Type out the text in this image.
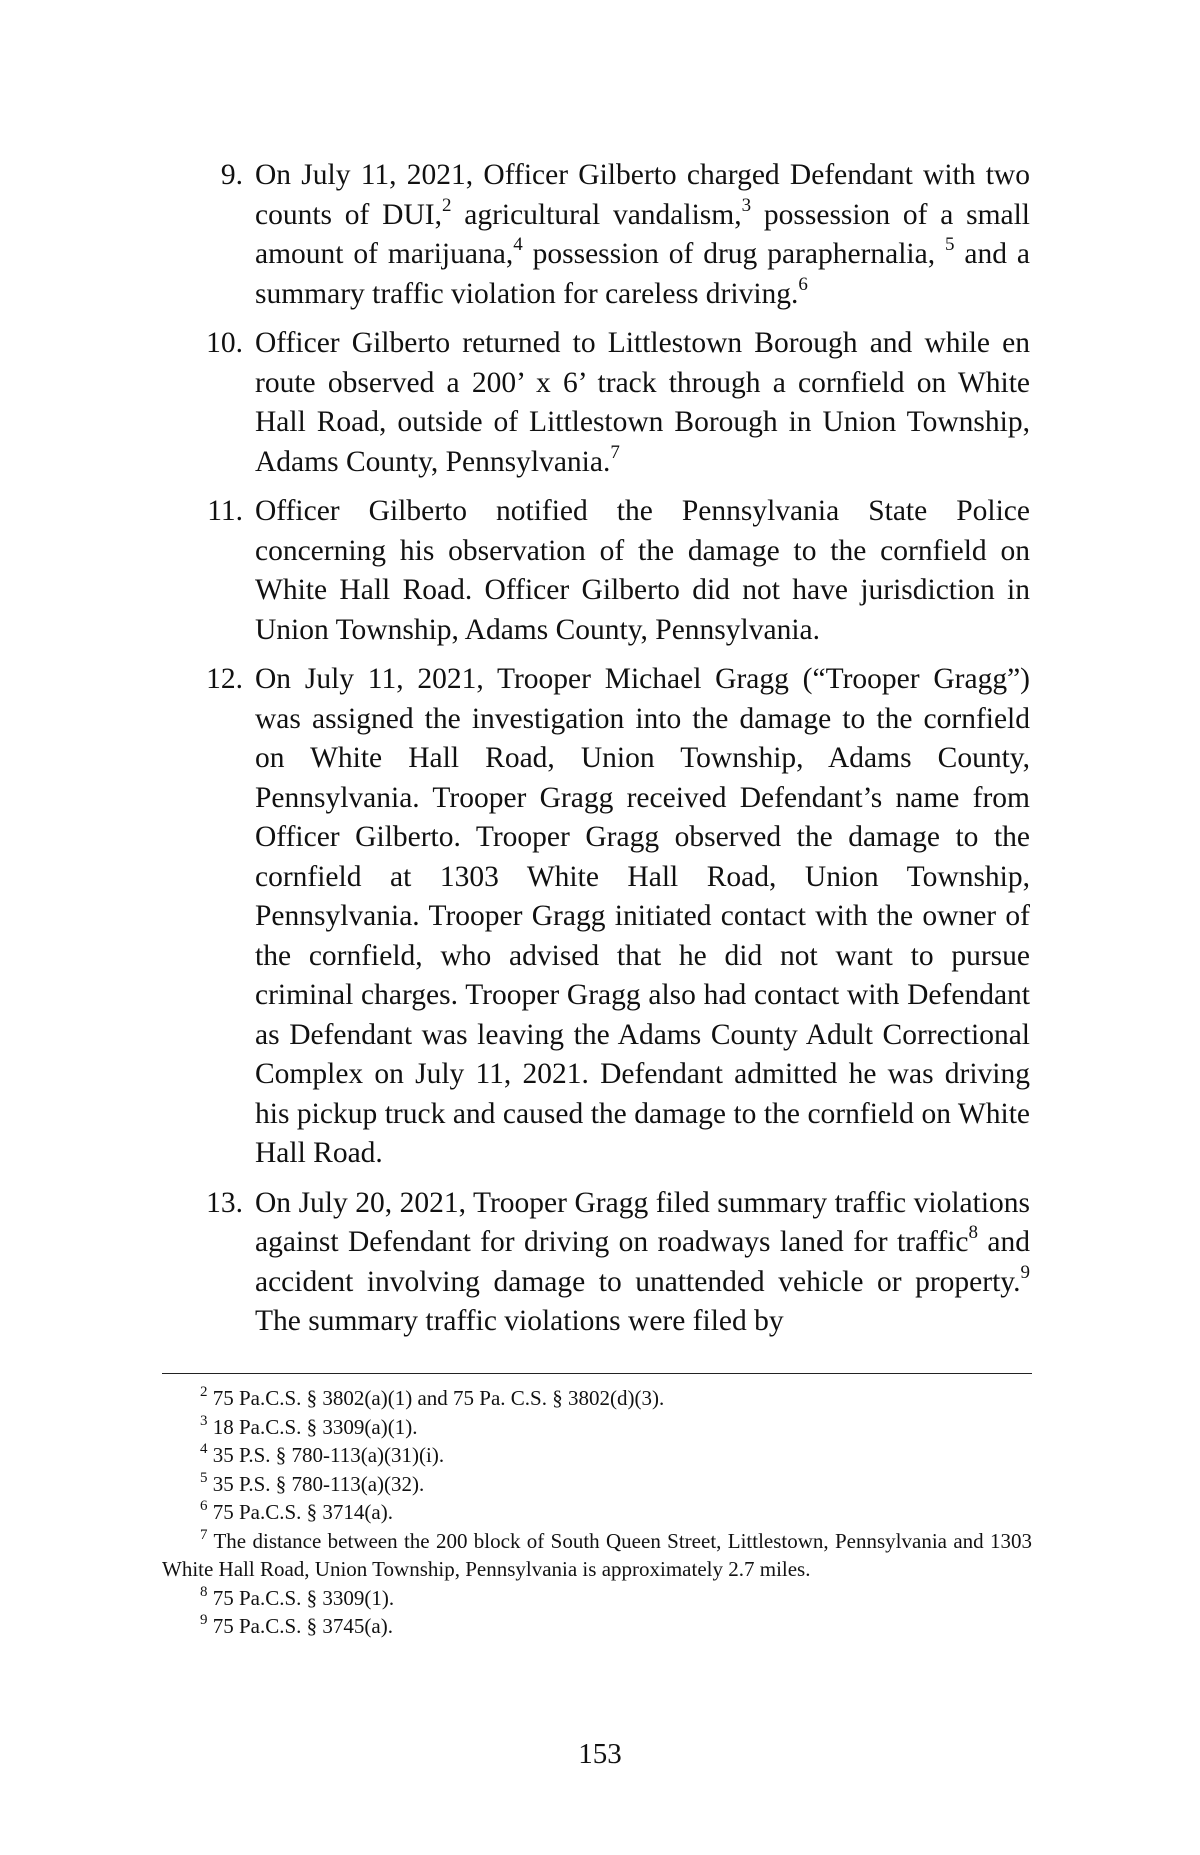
9. On July 11, 2021, Officer Gilberto charged Defendant with two counts of DUI,$^2$ agricultural vandalism,$^3$ possession of a small amount of marijuana,$^4$ possession of drug paraphernalia, $^5$ and a summary traffic violation for careless driving.$^6$

10. Officer Gilberto returned to Littlestown Borough and while en route observed a 200’ x 6’ track through a cornfield on White Hall Road, outside of Littlestown Borough in Union Township, Adams County, Pennsylvania.$^7$

11. Officer Gilberto notified the Pennsylvania State Police concerning his observation of the damage to the cornfield on White Hall Road. Officer Gilberto did not have jurisdiction in Union Township, Adams County, Pennsylvania.

12. On July 11, 2021, Trooper Michael Gragg (“Trooper Gragg”) was assigned the investigation into the damage to the cornfield on White Hall Road, Union Township, Adams County, Pennsylvania. Trooper Gragg received Defendant’s name from Officer Gilberto. Trooper Gragg observed the damage to the cornfield at 1303 White Hall Road, Union Township, Pennsylvania. Trooper Gragg initiated contact with the owner of the cornfield, who advised that he did not want to pursue criminal charges. Trooper Gragg also had contact with Defendant as Defendant was leaving the Adams County Adult Correctional Complex on July 11, 2021. Defendant admitted he was driving his pickup truck and caused the damage to the cornfield on White Hall Road.

13. On July 20, 2021, Trooper Gragg filed summary traffic violations against Defendant for driving on roadways laned for traffic$^8$ and accident involving damage to unattended vehicle or property.$^9$ The summary traffic violations were filed by

$^2$ 75 Pa.C.S. § 3802(a)(1) and 75 Pa. C.S. § 3802(d)(3).

$^3$ 18 Pa.C.S. § 3309(a)(1).

$^4$ 35 P.S. § 780-113(a)(31)(i).

$^5$ 35 P.S. § 780-113(a)(32).

$^6$ 75 Pa.C.S. § 3714(a).

$^7$ The distance between the 200 block of South Queen Street, Littlestown, Pennsylvania and 1303 White Hall Road, Union Township, Pennsylvania is approximately 2.7 miles.

$^8$ 75 Pa.C.S. § 3309(1).

$^9$ 75 Pa.C.S. § 3745(a).

153
